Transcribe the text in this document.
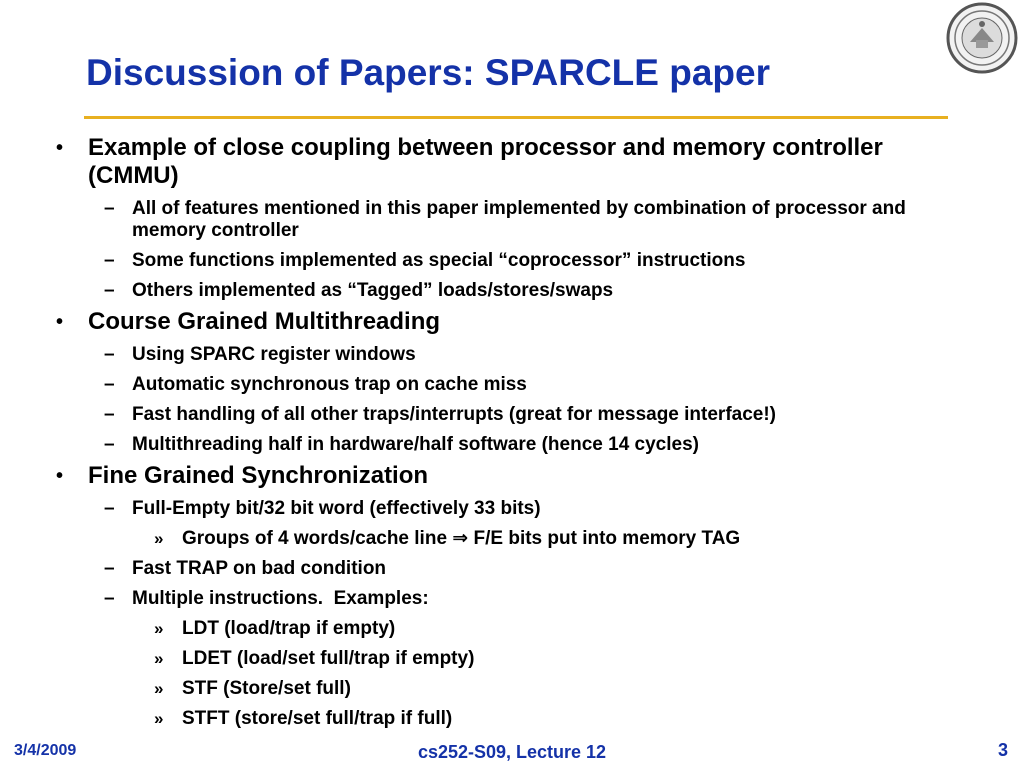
Discussion of Papers: SPARCLE paper
• Example of close coupling between processor and memory controller (CMMU)
– All of features mentioned in this paper implemented by combination of processor and memory controller
– Some functions implemented as special “coprocessor” instructions
– Others implemented as “Tagged” loads/stores/swaps
• Course Grained Multithreading
– Using SPARC register windows
– Automatic synchronous trap on cache miss
– Fast handling of all other traps/interrupts (great for message interface!)
– Multithreading half in hardware/half software (hence 14 cycles)
• Fine Grained Synchronization
– Full-Empty bit/32 bit word (effectively 33 bits)
» Groups of 4 words/cache line ⇒ F/E bits put into memory TAG
– Fast TRAP on bad condition
– Multiple instructions.  Examples:
» LDT (load/trap if empty)
» LDET (load/set full/trap if empty)
» STF (Store/set full)
» STFT (store/set full/trap if full)
3/4/2009	cs252-S09, Lecture 12	3
